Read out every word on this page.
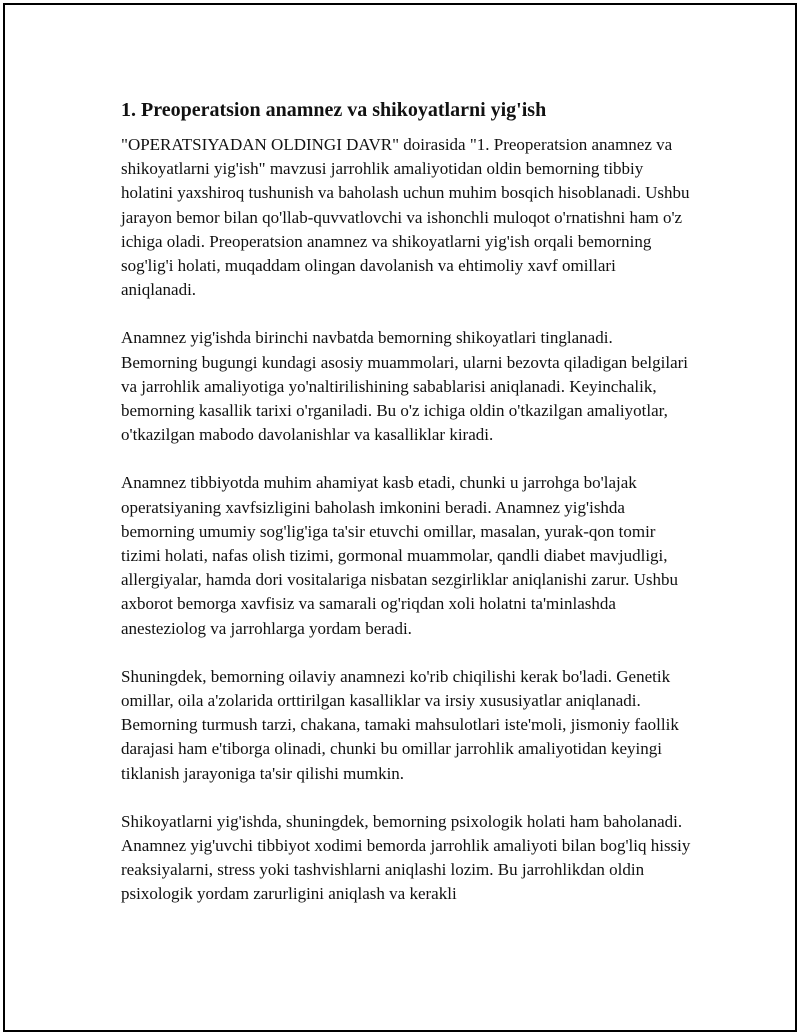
1. Preoperatsion anamnez va shikoyatlarni yig'ish

"OPERATSIYADAN OLDINGI DAVR" doirasida "1. Preoperatsion anamnez va shikoyatlarni yig'ish" mavzusi jarrohlik amaliyotidan oldin bemorning tibbiy holatini yaxshiroq tushunish va baholash uchun muhim bosqich hisoblanadi. Ushbu jarayon bemor bilan qo'llab-quvvatlovchi va ishonchli muloqot o'rnatishni ham o'z ichiga oladi. Preoperatsion anamnez va shikoyatlarni yig'ish orqali bemorning sog'lig'i holati, muqaddam olingan davolanish va ehtimoliy xavf omillari aniqlanadi.

Anamnez yig'ishda birinchi navbatda bemorning shikoyatlari tinglanadi. Bemorning bugungi kundagi asosiy muammolari, ularni bezovta qiladigan belgilari va jarrohlik amaliyotiga yo'naltirilishining sabablarisi aniqlanadi. Keyinchalik, bemorning kasallik tarixi o'rganiladi. Bu o'z ichiga oldin o'tkazilgan amaliyotlar, o'tkazilgan mabodo davolanishlar va kasalliklar kiradi.

Anamnez tibbiyotda muhim ahamiyat kasb etadi, chunki u jarrohga bo'lajak operatsiyaning xavfsizligini baholash imkonini beradi. Anamnez yig'ishda bemorning umumiy sog'lig'iga ta'sir etuvchi omillar, masalan, yurak-qon tomir tizimi holati, nafas olish tizimi, gormonal muammolar, qandli diabet mavjudligi, allergiyalar, hamda dori vositalariga nisbatan sezgirliklar aniqlanishi zarur. Ushbu axborot bemorga xavfisiz va samarali og'riqdan xoli holatni ta'minlashda anesteziolog va jarrohlarga yordam beradi.

Shuningdek, bemorning oilaviy anamnezi ko'rib chiqilishi kerak bo'ladi. Genetik omillar, oila a'zolarida orttirilgan kasalliklar va irsiy xususiyatlar aniqlanadi. Bemorning turmush tarzi, chakana, tamaki mahsulotlari iste'moli, jismoniy faollik darajasi ham e'tiborga olinadi, chunki bu omillar jarrohlik amaliyotidan keyingi tiklanish jarayoniga ta'sir qilishi mumkin.

Shikoyatlarni yig'ishda, shuningdek, bemorning psixologik holati ham baholanadi. Anamnez yig'uvchi tibbiyot xodimi bemorda jarrohlik amaliyoti bilan bog'liq hissiy reaksiyalarni, stress yoki tashvishlarni aniqlashi lozim. Bu jarrohlikdan oldin psixologik yordam zarurligini aniqlash va kerakli
